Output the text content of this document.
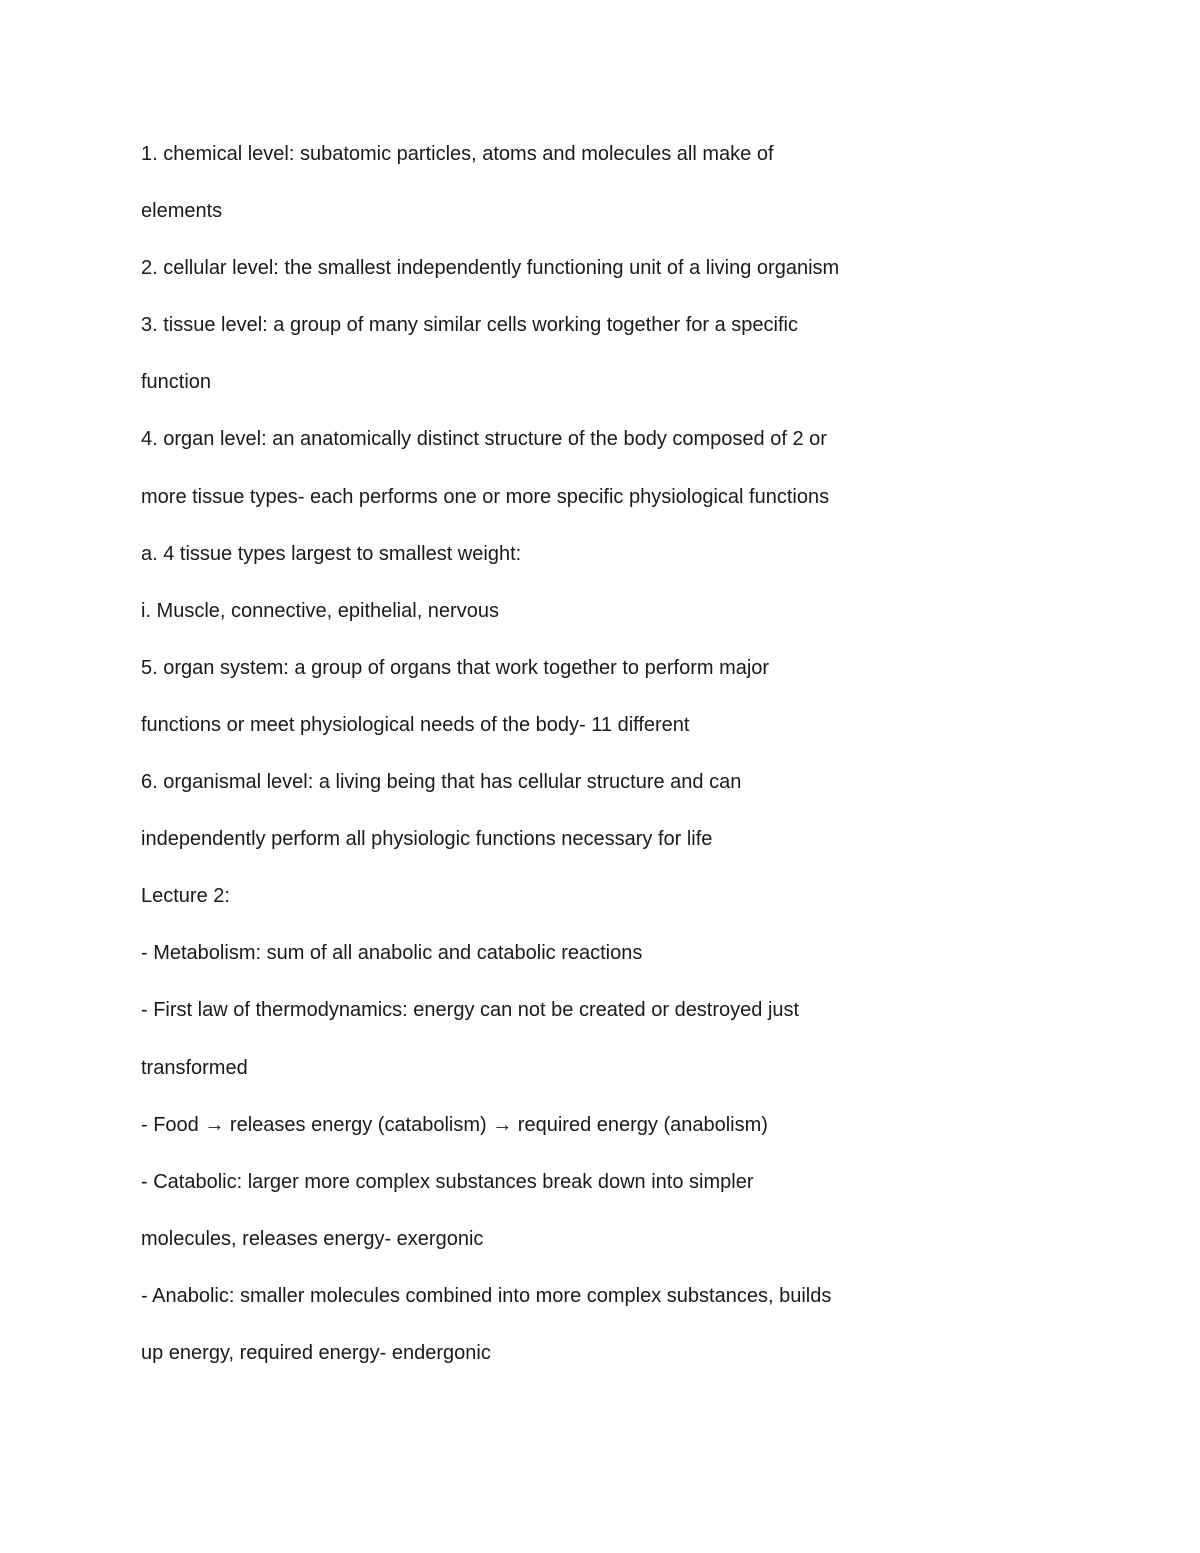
1. chemical level: subatomic particles, atoms and molecules all make of
elements
2. cellular level: the smallest independently functioning unit of a living organism
3. tissue level: a group of many similar cells working together for a specific
function
4. organ level: an anatomically distinct structure of the body composed of 2 or
more tissue types- each performs one or more specific physiological functions
a. 4 tissue types largest to smallest weight:
i. Muscle, connective, epithelial, nervous
5. organ system: a group of organs that work together to perform major
functions or meet physiological needs of the body- 11 different
6. organismal level: a living being that has cellular structure and can
independently perform all physiologic functions necessary for life
Lecture 2:
- Metabolism: sum of all anabolic and catabolic reactions
- First law of thermodynamics: energy can not be created or destroyed just
transformed
- Food → releases energy (catabolism) → required energy (anabolism)
- Catabolic: larger more complex substances break down into simpler
molecules, releases energy- exergonic
- Anabolic: smaller molecules combined into more complex substances, builds
up energy, required energy- endergonic
